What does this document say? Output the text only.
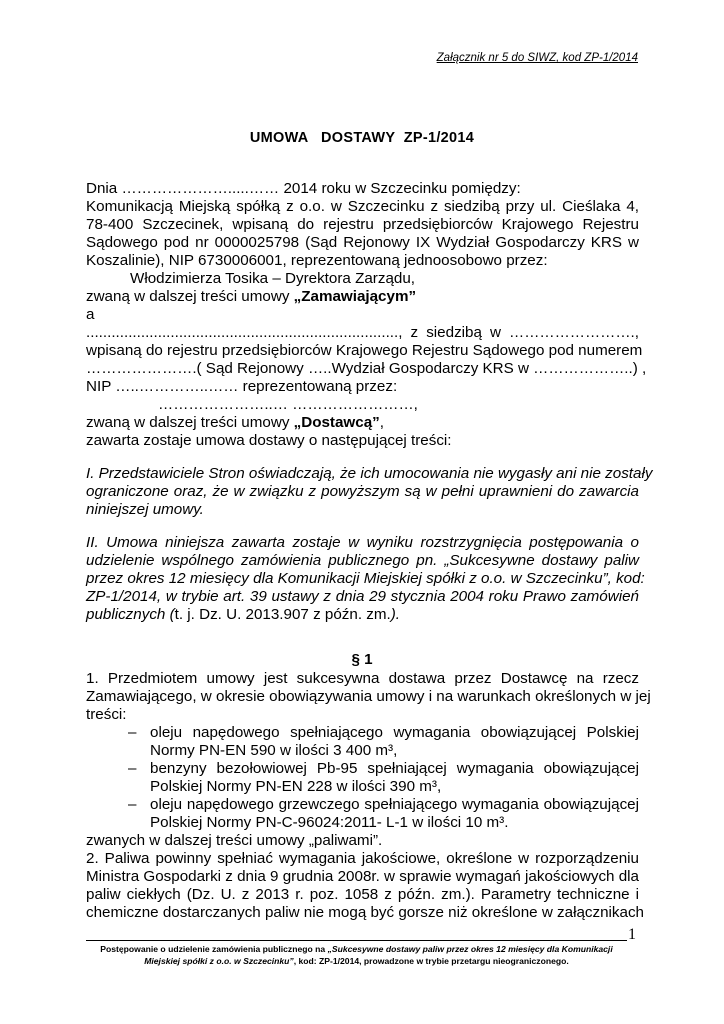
Załącznik nr 5 do SIWZ, kod ZP-1/2014
UMOWA   DOSTAWY  ZP-1/2014
Dnia ………………….....…… 2014 roku w Szczecinku pomiędzy:
Komunikacją Miejską spółką z o.o. w Szczecinku z siedzibą przy ul. Cieślaka 4,
78-400 Szczecinek, wpisaną do rejestru przedsiębiorców Krajowego Rejestru
Sądowego pod nr 0000025798 (Sąd Rejonowy IX Wydział Gospodarczy KRS w
Koszalinie), NIP 6730006001, reprezentowaną jednoosobowo przez:
Włodzimierza Tosika – Dyrektora Zarządu,
zwaną w dalszej treści umowy „Zamawiającym”
a
.........................................................................., z siedzibą w …………………….,
wpisaną do rejestru przedsiębiorców Krajowego Rejestru Sądowego pod numerem
………………….( Sąd Rejonowy …..Wydział Gospodarczy KRS w ………………..) ,
NIP …..…………..…… reprezentowaną przez:
…………………..… ……………………,
zwaną w dalszej treści umowy „Dostawcą”,
zawarta zostaje umowa dostawy o następującej treści:
I. Przedstawiciele Stron oświadczają, że ich umocowania nie wygasły ani nie zostały
ograniczone oraz, że w związku z powyższym są w pełni uprawnieni do zawarcia
niniejszej umowy.
II. Umowa niniejsza zawarta zostaje w wyniku rozstrzygnięcia postępowania o
udzielenie wspólnego zamówienia publicznego pn. „Sukcesywne dostawy paliw
przez okres 12 miesięcy dla Komunikacji Miejskiej spółki z o.o. w Szczecinku”, kod:
ZP-1/2014, w trybie art. 39 ustawy z dnia 29 stycznia 2004 roku Prawo zamówień
publicznych (t. j. Dz. U. 2013.907 z późn. zm.).
§ 1
1. Przedmiotem umowy jest sukcesywna dostawa przez Dostawcę na rzecz
Zamawiającego, w okresie obowiązywania umowy i na warunkach określonych w jej
treści:
– oleju napędowego spełniającego wymagania obowiązującej Polskiej
Normy PN-EN 590 w ilości 3 400 m³,
– benzyny bezołowiowej Pb-95 spełniającej wymagania obowiązującej
Polskiej Normy PN-EN 228 w ilości 390 m³,
– oleju napędowego grzewczego spełniającego wymagania obowiązującej
Polskiej Normy PN-C-96024:2011- L-1 w ilości 10 m³.
zwanych w dalszej treści umowy „paliwami”.
2. Paliwa powinny spełniać wymagania jakościowe, określone w rozporządzeniu
Ministra Gospodarki z dnia 9 grudnia 2008r. w sprawie wymagań jakościowych dla
paliw ciekłych (Dz. U. z 2013 r. poz. 1058 z późn. zm.). Parametry techniczne i
chemiczne dostarczanych paliw nie mogą być gorsze niż określone w załącznikach
1
Postępowanie o udzielenie zamówienia publicznego na „Sukcesywne dostawy paliw przez okres 12 miesięcy dla Komunikacji
Miejskiej spółki z o.o. w Szczecinku”, kod: ZP-1/2014, prowadzone w trybie przetargu nieograniczonego.
